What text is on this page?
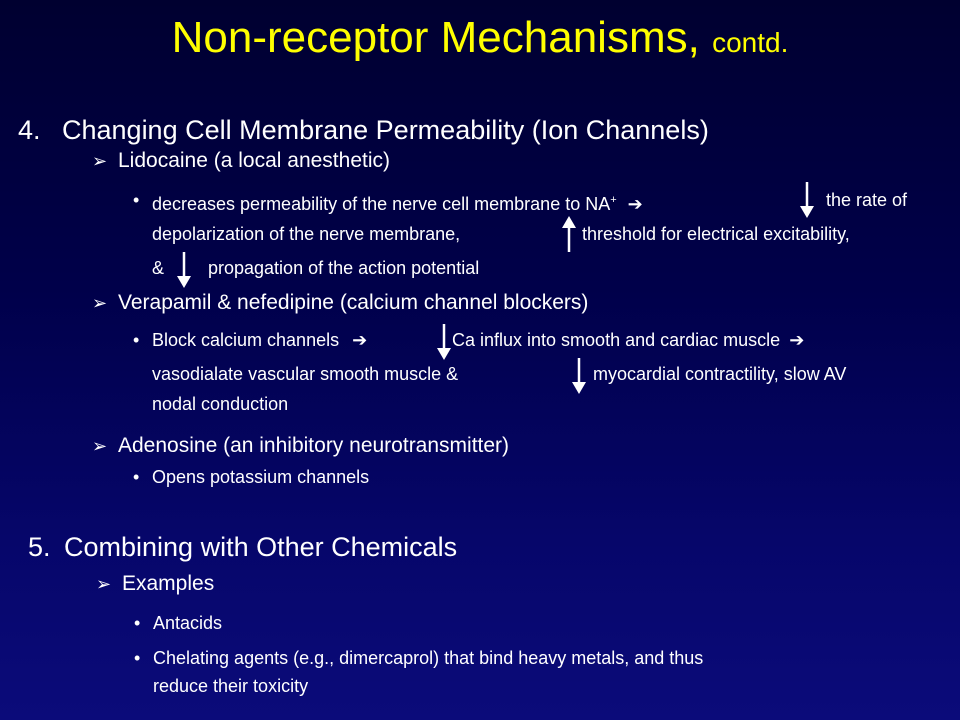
Non-receptor Mechanisms, contd.
4. Changing Cell Membrane Permeability (Ion Channels)
➢ Lidocaine (a local anesthetic)
• decreases permeability of the nerve cell membrane to NA+ ➔	the rate of
depolarization of the nerve membrane,	threshold for electrical excitability,
& propagation of the action potential
➢ Verapamil & nefedipine (calcium channel blockers)
• Block calcium channels ➔	Ca influx into smooth and cardiac muscle ➔
vasodialate vascular smooth muscle &	myocardial contractility, slow AV
nodal conduction
➢ Adenosine (an inhibitory neurotransmitter)
• Opens potassium channels
5. Combining with Other Chemicals
➢ Examples
• Antacids
• Chelating agents (e.g., dimercaprol) that bind heavy metals, and thus
reduce their toxicity
